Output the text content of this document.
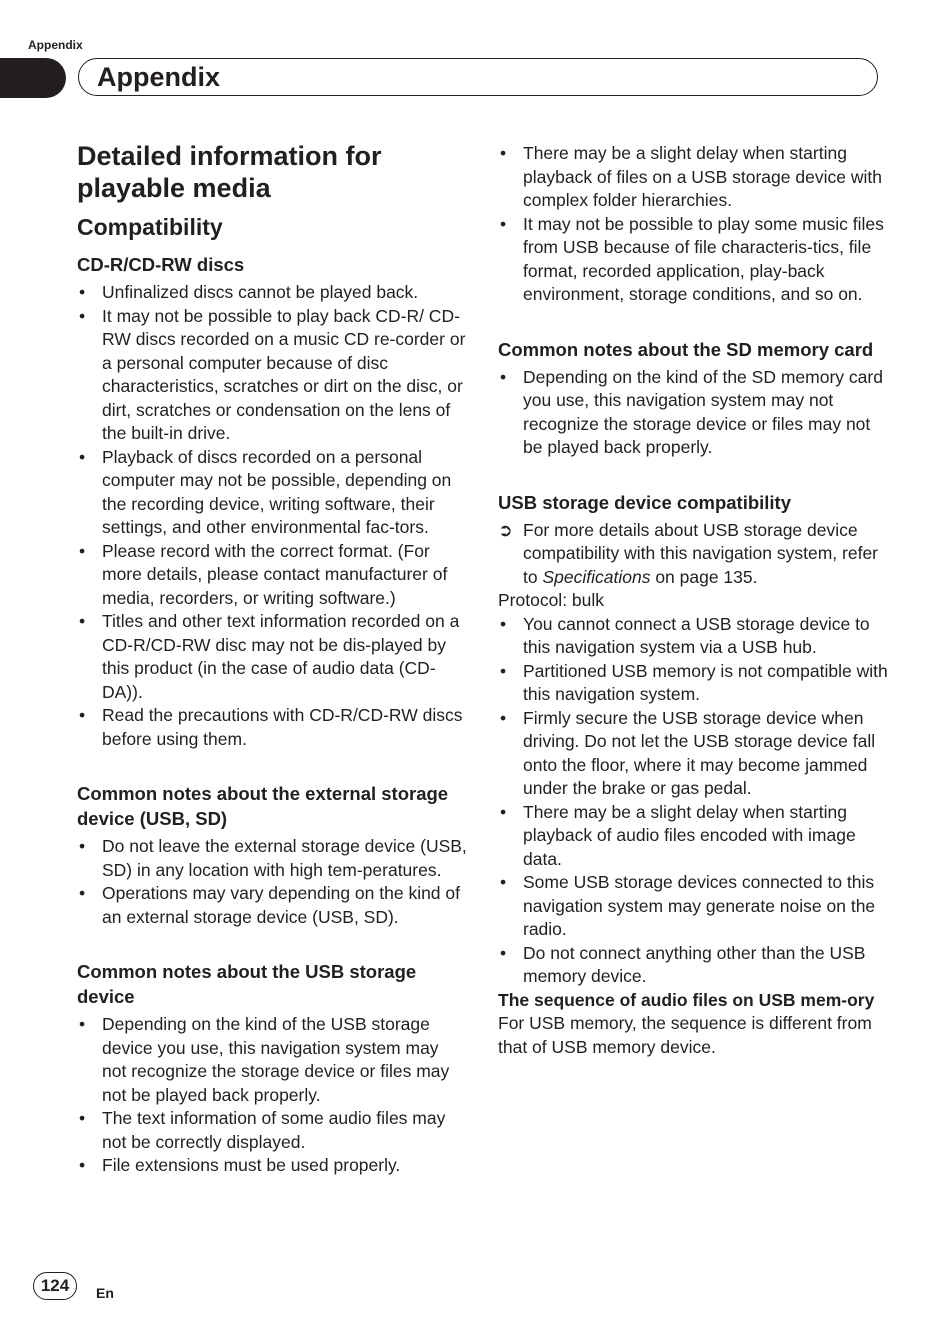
Appendix
Appendix
Detailed information for playable media
Compatibility
CD-R/CD-RW discs
• Unfinalized discs cannot be played back.
• It may not be possible to play back CD-R/ CD-RW discs recorded on a music CD re-corder or a personal computer because of disc characteristics, scratches or dirt on the disc, or dirt, scratches or condensation on the lens of the built-in drive.
• Playback of discs recorded on a personal computer may not be possible, depending on the recording device, writing software, their settings, and other environmental fac-tors.
• Please record with the correct format. (For more details, please contact manufacturer of media, recorders, or writing software.)
• Titles and other text information recorded on a CD-R/CD-RW disc may not be dis-played by this product (in the case of audio data (CD-DA)).
• Read the precautions with CD-R/CD-RW discs before using them.
Common notes about the external storage device (USB, SD)
• Do not leave the external storage device (USB, SD) in any location with high tem-peratures.
• Operations may vary depending on the kind of an external storage device (USB, SD).
Common notes about the USB storage device
• Depending on the kind of the USB storage device you use, this navigation system may not recognize the storage device or files may not be played back properly.
• The text information of some audio files may not be correctly displayed.
• File extensions must be used properly.
• There may be a slight delay when starting playback of files on a USB storage device with complex folder hierarchies.
• It may not be possible to play some music files from USB because of file characteris-tics, file format, recorded application, play-back environment, storage conditions, and so on.
Common notes about the SD memory card
• Depending on the kind of the SD memory card you use, this navigation system may not recognize the storage device or files may not be played back properly.
USB storage device compatibility
➲ For more details about USB storage device compatibility with this navigation system, refer to Specifications on page 135.

Protocol: bulk

• You cannot connect a USB storage device to this navigation system via a USB hub.
• Partitioned USB memory is not compatible with this navigation system.
• Firmly secure the USB storage device when driving. Do not let the USB storage device fall onto the floor, where it may become jammed under the brake or gas pedal.
• There may be a slight delay when starting playback of audio files encoded with image data.
• Some USB storage devices connected to this navigation system may generate noise on the radio.
• Do not connect anything other than the USB memory device.

The sequence of audio files on USB mem-ory

For USB memory, the sequence is different from that of USB memory device.

124	En
